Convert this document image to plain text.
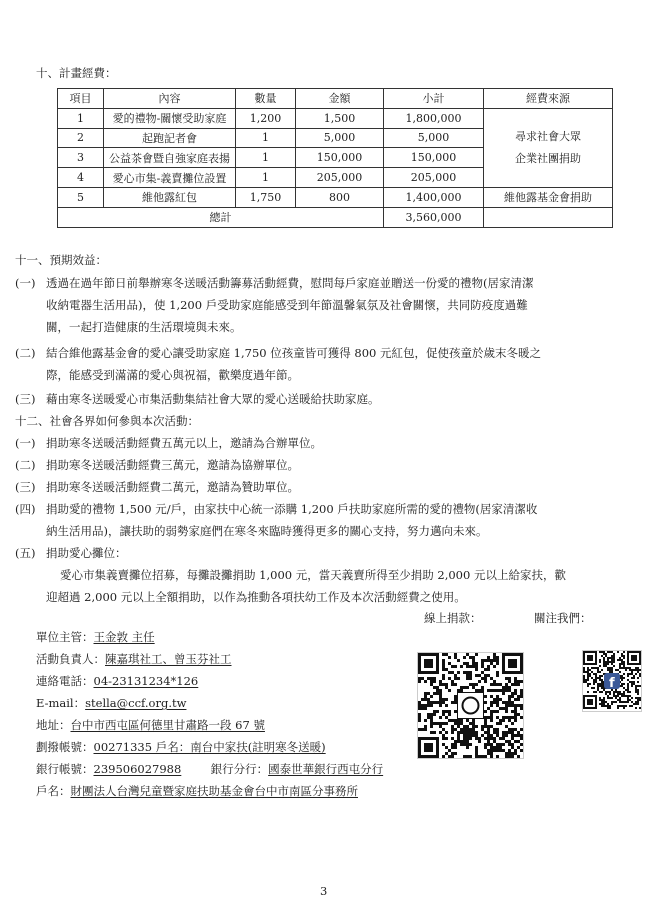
十、計畫經費：
項目	內容	數量	金額	小計	經費來源
1	愛的禮物-關懷受助家庭	1,200	1,500	1,800,000	尋求社會大眾
企業社團捐助

2	起跑記者會	1	5,000	5,000	
3	公益茶會暨自強家庭表揚	1	150,000	150,000	
4	愛心市集-義賣攤位設置	1	205,000	205,000	
5	維他露紅包	1,750	800	1,400,000	維他露基金會捐助
總計				3,560,000	
十一、預期效益：
(一) 透過在過年節日前舉辦寒冬送暖活動籌募活動經費，慰問每戶家庭並贈送一份愛的禮物(居家清潔
收納電器生活用品)，使 1,200 戶受助家庭能感受到年節溫馨氣氛及社會關懷，共同防疫度過難
關，一起打造健康的生活環境與未來。
(二) 結合維他露基金會的愛心讓受助家庭 1,750 位孩童皆可獲得 800 元紅包，促使孩童於歲末冬暖之
際，能感受到滿滿的愛心與祝福，歡樂度過年節。
(三) 藉由寒冬送暖愛心市集活動集結社會大眾的愛心送暖給扶助家庭。
十二、社會各界如何參與本次活動：
(一) 捐助寒冬送暖活動經費五萬元以上，邀請為合辦單位。
(二) 捐助寒冬送暖活動經費三萬元，邀請為協辦單位。
(三) 捐助寒冬送暖活動經費二萬元，邀請為贊助單位。
(四) 捐助愛的禮物 1,500 元/戶，由家扶中心統一添購 1,200 戶扶助家庭所需的愛的禮物(居家清潔收
納生活用品)，讓扶助的弱勢家庭們在寒冬來臨時獲得更多的關心支持，努力邁向未來。
(五) 捐助愛心攤位：
愛心市集義賣攤位招募，每攤設攤捐助 1,000 元，當天義賣所得至少捐助 2,000 元以上給家扶，歡
迎超過 2,000 元以上全額捐助，以作為推動各項扶幼工作及本次活動經費之使用。
單位主管：王金敦 主任
活動負責人：陳嘉琪社工、曾玉芬社工
連絡電話：04-23131234*126
E-mail：stella@ccf.org.tw
地址：台中市西屯區何德里甘肅路一段 67 號
劃撥帳號：00271335 戶名：南台中家扶(註明寒冬送暖)
銀行帳號：239506027988	銀行分行：國泰世華銀行西屯分行
戶名：財團法人台灣兒童暨家庭扶助基金會台中市南區分事務所
線上捐款：	關注我們：
f
3
